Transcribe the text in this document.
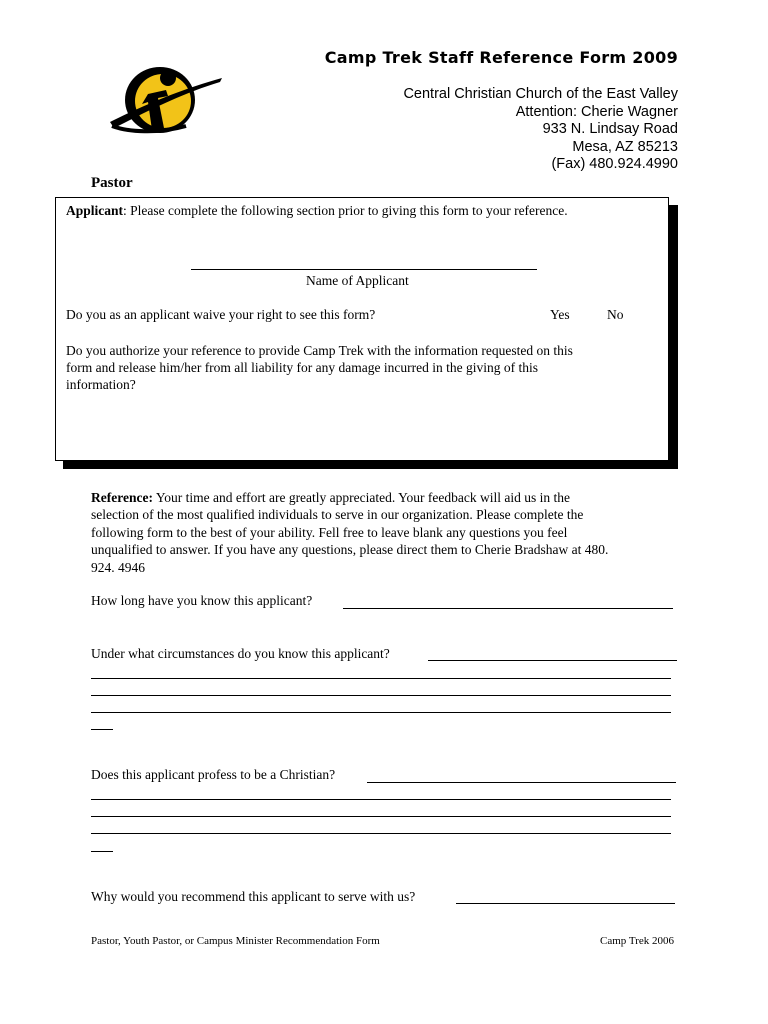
Camp Trek Staff Reference Form 2009
Central Christian Church of the East Valley
Attention: Cherie Wagner
933 N. Lindsay Road
Mesa, AZ 85213
(Fax) 480.924.4990
Pastor
Applicant: Please complete the following section prior to giving this form to your reference.
Name of Applicant
Do you as an applicant waive your right to see this form?	Yes	No
Do you authorize your reference to provide Camp Trek with the information requested on this
form and release him/her from all liability for any damage incurred in the giving of this
information?
Reference: Your time and effort are greatly appreciated. Your feedback will aid us in the
selection of the most qualified individuals to serve in our organization. Please complete the
following form to the best of your ability. Fell free to leave blank any questions you feel
unqualified to answer. If you have any questions, please direct them to Cherie Bradshaw at 480.
924. 4946
How long have you know this applicant?
Under what circumstances do you know this applicant?
Does this applicant profess to be a Christian?
Why would you recommend this applicant to serve with us?
Pastor, Youth Pastor, or Campus Minister Recommendation Form	Camp Trek 2006
